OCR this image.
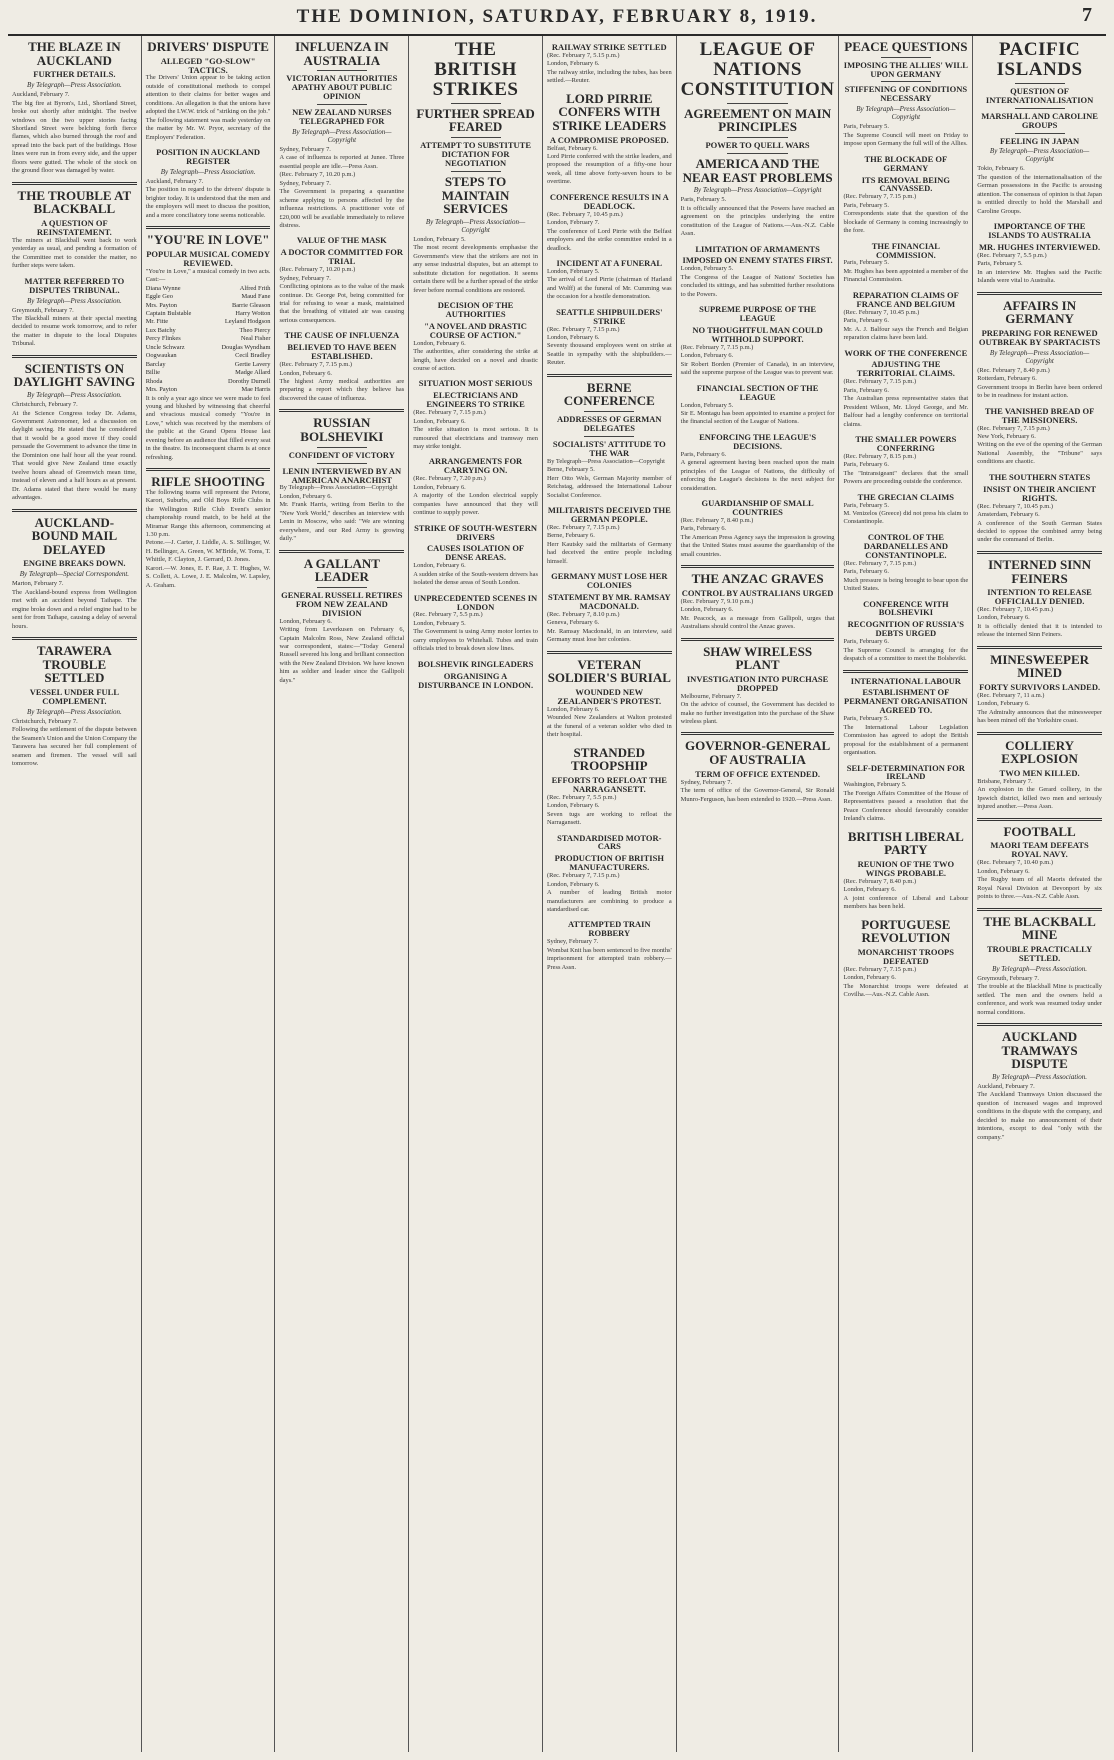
THE DOMINION, SATURDAY, FEBRUARY 8, 1919.	7
THE BLAZE IN AUCKLAND
FURTHER DETAILS.
By Telegraph—Press Association.
Auckland, February 7.
The big fire at Byron's, Ltd., Shortland Street, broke out shortly after midnight. The twelve windows on the two upper stories facing Shortland Street were belching forth fierce flames, which also burned through the roof and spread into the back part of the buildings. Hose lines were run in from every side, and the upper floors were gutted. The whole of the stock on the ground floor was damaged by water.
THE TROUBLE AT BLACKBALL
A QUESTION OF REINSTATEMENT.
The miners at Blackball went back to work yesterday as usual, and pending a formation of the Committee met to consider the matter, no further steps were taken.
MATTER REFERRED TO DISPUTES TRIBUNAL.
By Telegraph—Press Association.
Greymouth, February 7.
The Blackball miners at their special meeting decided to resume work tomorrow, and to refer the matter in dispute to the local Disputes Tribunal.
SCIENTISTS ON DAYLIGHT SAVING
By Telegraph—Press Association.
Christchurch, February 7.
At the Science Congress today Dr. Adams, Government Astronomer, led a discussion on daylight saving. He stated that he considered that it would be a good move if they could persuade the Government to advance the time in the Dominion one half hour all the year round. That would give New Zealand time exactly twelve hours ahead of Greenwich mean time, instead of eleven and a half hours as at present. Dr. Adams stated that there would be many advantages.
AUCKLAND-BOUND MAIL DELAYED
ENGINE BREAKS DOWN.
By Telegraph—Special Correspondent.
Marton, February 7.
The Auckland-bound express from Wellington met with an accident beyond Taihape. The engine broke down and a relief engine had to be sent for from Taihape, causing a delay of several hours.
TARAWERA TROUBLE SETTLED
VESSEL UNDER FULL COMPLEMENT.
By Telegraph—Press Association.
Christchurch, February 7.
Following the settlement of the dispute between the Seamen's Union and the Union Company the Tarawera has secured her full complement of seamen and firemen. The vessel will sail tomorrow.
DRIVERS' DISPUTE
ALLEGED "GO-SLOW" TACTICS.
The Drivers' Union appear to be taking action outside of constitutional methods to compel attention to their claims for better wages and conditions. An allegation is that the unions have adopted the I.W.W. trick of "striking on the job." The following statement was made yesterday on the matter by Mr. W. Pryor, secretary of the Employers' Federation.
POSITION IN AUCKLAND REGISTER
By Telegraph—Press Association.
Auckland, February 7.
The position in regard to the drivers' dispute is brighter today. It is understood that the men and the employers will meet to discuss the position, and a more conciliatory tone seems noticeable.
"YOU'RE IN LOVE"
POPULAR MUSICAL COMEDY REVIEWED.
"You're in Love," a musical comedy in two acts. Cast:—
Diana Wynne	Alfred Frith
Eggle Geo	Maud Fane
Mrs. Payton	Barrie Gleason
Captain Bulstable	Harry Wotton
Mr. Fitte	Leyland Hodgson
Lux Batchy	Theo Piercy
Percy Flinkes	Neal Fisher
Uncle Schwarz	Douglas Wyndham
Oogwaukan	Cecil Bradley
Barclay	Gertie Lavery
Billie	Madge Allard
Rhoda	Dorothy Durnell
Mrs. Payton	Mae Harris
It is only a year ago since we were made to feel young and blushed by witnessing that cheerful and vivacious musical comedy "You're in Love," which was received by the members of the public at the Grand Opera House last evening before an audience that filled every seat in the theatre. Its inconsequent charm is at once refreshing.
RIFLE SHOOTING
The following teams will represent the Petone, Karori, Suburbs, and Old Boys Rifle Clubs in the Wellington Rifle Club Event's senior championship round match, to be held at the Miramar Range this afternoon, commencing at 1.30 p.m.
Petone.—J. Carter, J. Liddle, A. S. Stillinger, W. H. Bellinger, A. Green, W. M'Bride, W. Toms, T. Whittle, F. Clayton, J. Gerrard, D. Jones.
Karori.—W. Jones, E. F. Rae, J. T. Hughes, W. S. Collett, A. Lowe, J. E. Malcolm, W. Lapsley, A. Graham.
INFLUENZA IN AUSTRALIA
VICTORIAN AUTHORITIES APATHY ABOUT PUBLIC OPINION
NEW ZEALAND NURSES TELEGRAPHED FOR
By Telegraph—Press Association—Copyright
Sydney, February 7.
A case of influenza is reported at Junee. Three essential people are idle.—Press Assn.
(Rec. February 7, 10.20 p.m.)
Sydney, February 7.
The Government is preparing a quarantine scheme applying to persons affected by the influenza restrictions. A practitioner vote of £20,000 will be available immediately to relieve distress.
VALUE OF THE MASK
A DOCTOR COMMITTED FOR TRIAL
(Rec. February 7, 10.20 p.m.)
Sydney, February 7.
Conflicting opinions as to the value of the mask continue. Dr. George Pot, being committed for trial for refusing to wear a mask, maintained that the breathing of vitiated air was causing serious consequences.
THE CAUSE OF INFLUENZA
BELIEVED TO HAVE BEEN ESTABLISHED.
(Rec. February 7, 7.15 p.m.)
London, February 6.
The highest Army medical authorities are preparing a report which they believe has discovered the cause of influenza.
RUSSIAN BOLSHEVIKI
CONFIDENT OF VICTORY
LENIN INTERVIEWED BY AN AMERICAN ANARCHIST
By Telegraph—Press Association—Copyright
London, February 6.
Mr. Frank Harris, writing from Berlin to the "New York World," describes an interview with Lenin in Moscow, who said: "We are winning everywhere, and our Red Army is growing daily."
A GALLANT LEADER
GENERAL RUSSELL RETIRES FROM NEW ZEALAND DIVISION
London, February 6.
Writing from Leverkusen on February 6, Captain Malcolm Ross, New Zealand official war correspondent, states:—"Today General Russell severed his long and brilliant connection with the New Zealand Division. We have known him as soldier and leader since the Gallipoli days."
THE BRITISH STRIKES
FURTHER SPREAD FEARED
ATTEMPT TO SUBSTITUTE DICTATION FOR NEGOTIATION
STEPS TO MAINTAIN SERVICES
By Telegraph—Press Association—Copyright
London, February 5.
The most recent developments emphasise the Government's view that the strikers are not in any sense industrial disputes, but an attempt to substitute dictation for negotiation. It seems certain there will be a further spread of the strike fever before normal conditions are restored.
DECISION OF THE AUTHORITIES
"A NOVEL AND DRASTIC COURSE OF ACTION."
London, February 6.
The authorities, after considering the strike at length, have decided on a novel and drastic course of action.
SITUATION MOST SERIOUS
ELECTRICIANS AND ENGINEERS TO STRIKE
(Rec. February 7, 7.15 p.m.)
London, February 6.
The strike situation is most serious. It is rumoured that electricians and tramway men may strike tonight.
ARRANGEMENTS FOR CARRYING ON.
(Rec. February 7, 7.20 p.m.)
London, February 6.
A majority of the London electrical supply companies have announced that they will continue to supply power.
STRIKE OF SOUTH-WESTERN DRIVERS
CAUSES ISOLATION OF DENSE AREAS.
London, February 6.
A sudden strike of the South-western drivers has isolated the dense areas of South London.
UNPRECEDENTED SCENES IN LONDON
(Rec. February 7, 5.5 p.m.)
London, February 5.
The Government is using Army motor lorries to carry employees to Whitehall. Tubes and train officials tried to break down slow lines.
BOLSHEVIK RINGLEADERS
ORGANISING A DISTURBANCE IN LONDON.
RAILWAY STRIKE SETTLED
(Rec. February 7, 5.15 p.m.)
London, February 6.
The railway strike, including the tubes, has been settled.—Reuter.
LORD PIRRIE CONFERS WITH STRIKE LEADERS
A COMPROMISE PROPOSED.
Belfast, February 6.
Lord Pirrie conferred with the strike leaders, and proposed the resumption of a fifty-one hour week, all time above forty-seven hours to be overtime.
CONFERENCE RESULTS IN A DEADLOCK.
(Rec. February 7, 10.45 p.m.)
London, February 7.
The conference of Lord Pirrie with the Belfast employers and the strike committee ended in a deadlock.
INCIDENT AT A FUNERAL
London, February 5.
The arrival of Lord Pirrie (chairman of Harland and Wolff) at the funeral of Mr. Cumming was the occasion for a hostile demonstration.
SEATTLE SHIPBUILDERS' STRIKE
(Rec. February 7, 7.15 p.m.)
London, February 6.
Seventy thousand employees went on strike at Seattle in sympathy with the shipbuilders.—Reuter.
BERNE CONFERENCE
ADDRESSES OF GERMAN DELEGATES
SOCIALISTS' ATTITUDE TO THE WAR
By Telegraph—Press Association—Copyright
Berne, February 5.
Herr Otto Wels, German Majority member of Reichstag, addressed the International Labour Socialist Conference.
MILITARISTS DECEIVED THE GERMAN PEOPLE.
(Rec. February 7, 7.15 p.m.)
Berne, February 6.
Herr Kautsky said the militarists of Germany had deceived the entire people including himself.
GERMANY MUST LOSE HER COLONIES
STATEMENT BY MR. RAMSAY MACDONALD.
(Rec. February 7, 8.10 p.m.)
Geneva, February 6.
Mr. Ramsay Macdonald, in an interview, said Germany must lose her colonies.
VETERAN SOLDIER'S BURIAL
WOUNDED NEW ZEALANDER'S PROTEST.
London, February 6.
Wounded New Zealanders at Walton protested at the funeral of a veteran soldier who died in their hospital.
STRANDED TROOPSHIP
EFFORTS TO REFLOAT THE NARRAGANSETT.
(Rec. February 7, 5.5 p.m.)
London, February 6.
Seven tugs are working to refloat the Narragansett.
STANDARDISED MOTOR-CARS
PRODUCTION OF BRITISH MANUFACTURERS.
(Rec. February 7, 7.15 p.m.)
London, February 6.
A number of leading British motor manufacturers are combining to produce a standardised car.
ATTEMPTED TRAIN ROBBERY
Sydney, February 7.
Wombat Knit has been sentenced to five months' imprisonment for attempted train robbery.—Press Assn.
LEAGUE OF NATIONS CONSTITUTION
AGREEMENT ON MAIN PRINCIPLES
POWER TO QUELL WARS
AMERICA AND THE NEAR EAST PROBLEMS
By Telegraph—Press Association—Copyright
Paris, February 5.
It is officially announced that the Powers have reached an agreement on the principles underlying the entire constitution of the League of Nations.—Aus.-N.Z. Cable Assn.
LIMITATION OF ARMAMENTS
IMPOSED ON ENEMY STATES FIRST.
London, February 5.
The Congress of the League of Nations' Societies has concluded its sittings, and has submitted further resolutions to the Powers.
SUPREME PURPOSE OF THE LEAGUE
NO THOUGHTFUL MAN COULD WITHHOLD SUPPORT.
(Rec. February 7, 7.15 p.m.)
London, February 6.
Sir Robert Borden (Premier of Canada), in an interview, said the supreme purpose of the League was to prevent war.
FINANCIAL SECTION OF THE LEAGUE
London, February 5.
Sir E. Montagu has been appointed to examine a project for the financial section of the League of Nations.
ENFORCING THE LEAGUE'S DECISIONS.
Paris, February 6.
A general agreement having been reached upon the main principles of the League of Nations, the difficulty of enforcing the League's decisions is the next subject for consideration.
GUARDIANSHIP OF SMALL COUNTRIES
(Rec. February 7, 8.40 p.m.)
Paris, February 6.
The American Press Agency says the impression is growing that the United States must assume the guardianship of the small countries.
THE ANZAC GRAVES
CONTROL BY AUSTRALIANS URGED
(Rec. February 7, 9.10 p.m.)
London, February 6.
Mr. Peacock, as a message from Gallipoli, urges that Australians should control the Anzac graves.
SHAW WIRELESS PLANT
INVESTIGATION INTO PURCHASE DROPPED
Melbourne, February 7.
On the advice of counsel, the Government has decided to make no further investigation into the purchase of the Shaw wireless plant.
GOVERNOR-GENERAL OF AUSTRALIA
TERM OF OFFICE EXTENDED.
Sydney, February 7.
The term of office of the Governor-General, Sir Ronald Munro-Ferguson, has been extended to 1920.—Press Assn.
PEACE QUESTIONS
IMPOSING THE ALLIES' WILL UPON GERMANY
STIFFENING OF CONDITIONS NECESSARY
By Telegraph—Press Association—Copyright
Paris, February 5.
The Supreme Council will meet on Friday to impose upon Germany the full will of the Allies.
THE BLOCKADE OF GERMANY
ITS REMOVAL BEING CANVASSED.
(Rec. February 7, 7.15 p.m.)
Paris, February 5.
Correspondents state that the question of the blockade of Germany is coming increasingly to the fore.
THE FINANCIAL COMMISSION.
Paris, February 5.
Mr. Hughes has been appointed a member of the Financial Commission.
REPARATION CLAIMS OF FRANCE AND BELGIUM
(Rec. February 7, 10.45 p.m.)
Paris, February 6.
Mr. A. J. Balfour says the French and Belgian reparation claims have been laid.
WORK OF THE CONFERENCE
ADJUSTING THE TERRITORIAL CLAIMS.
(Rec. February 7, 7.15 p.m.)
Paris, February 6.
The Australian press representative states that President Wilson, Mr. Lloyd George, and Mr. Balfour had a lengthy conference on territorial claims.
THE SMALLER POWERS CONFERRING
(Rec. February 7, 8.15 p.m.)
Paris, February 6.
The "Intransigeant" declares that the small Powers are proceeding outside the conference.
THE GRECIAN CLAIMS
Paris, February 5.
M. Venizelos (Greece) did not press his claim to Constantinople.
CONTROL OF THE DARDANELLES AND CONSTANTINOPLE.
(Rec. February 7, 7.15 p.m.)
Paris, February 6.
Much pressure is being brought to bear upon the United States.
CONFERENCE WITH BOLSHEVIKI
RECOGNITION OF RUSSIA'S DEBTS URGED
Paris, February 6.
The Supreme Council is arranging for the despatch of a committee to meet the Bolsheviki.
INTERNATIONAL LABOUR
ESTABLISHMENT OF PERMANENT ORGANISATION AGREED TO.
Paris, February 5.
The International Labour Legislation Commission has agreed to adopt the British proposal for the establishment of a permanent organisation.
SELF-DETERMINATION FOR IRELAND
Washington, February 5.
The Foreign Affairs Committee of the House of Representatives passed a resolution that the Peace Conference should favourably consider Ireland's claims.
BRITISH LIBERAL PARTY
REUNION OF THE TWO WINGS PROBABLE.
(Rec. February 7, 8.40 p.m.)
London, February 6.
A joint conference of Liberal and Labour members has been held.
PORTUGUESE REVOLUTION
MONARCHIST TROOPS DEFEATED
(Rec. February 7, 7.15 p.m.)
London, February 6.
The Monarchist troops were defeated at Covilha.—Aus.-N.Z. Cable Assn.
PACIFIC ISLANDS
QUESTION OF INTERNATIONALISATION
MARSHALL AND CAROLINE GROUPS
FEELING IN JAPAN
By Telegraph—Press Association—Copyright
Tokio, February 6.
The question of the internationalisation of the German possessions in the Pacific is arousing attention. The consensus of opinion is that Japan is entitled directly to hold the Marshall and Caroline Groups.
IMPORTANCE OF THE ISLANDS TO AUSTRALIA
MR. HUGHES INTERVIEWED.
(Rec. February 7, 5.5 p.m.)
Paris, February 5.
In an interview Mr. Hughes said the Pacific Islands were vital to Australia.
AFFAIRS IN GERMANY
PREPARING FOR RENEWED OUTBREAK BY SPARTACISTS
By Telegraph—Press Association—Copyright
(Rec. February 7, 8.40 p.m.)
Rotterdam, February 6.
Government troops in Berlin have been ordered to be in readiness for instant action.
THE VANISHED BREAD OF THE MISSIONERS.
(Rec. February 7, 7.15 p.m.)
New York, February 6.
Writing on the eve of the opening of the German National Assembly, the "Tribune" says conditions are chaotic.
THE SOUTHERN STATES
INSIST ON THEIR ANCIENT RIGHTS.
(Rec. February 7, 10.45 p.m.)
Amsterdam, February 6.
A conference of the South German States decided to oppose the combined army being under the command of Berlin.
INTERNED SINN FEINERS
INTENTION TO RELEASE OFFICIALLY DENIED.
(Rec. February 7, 10.45 p.m.)
London, February 6.
It is officially denied that it is intended to release the interned Sinn Feiners.
MINESWEEPER MINED
FORTY SURVIVORS LANDED.
(Rec. February 7, 11 a.m.)
London, February 6.
The Admiralty announces that the minesweeper has been mined off the Yorkshire coast.
COLLIERY EXPLOSION
TWO MEN KILLED.
Brisbane, February 7.
An explosion in the Gerard colliery, in the Ipswich district, killed two men and seriously injured another.—Press Assn.
FOOTBALL
MAORI TEAM DEFEATS ROYAL NAVY.
(Rec. February 7, 10.40 p.m.)
London, February 6.
The Rugby team of all Maoris defeated the Royal Naval Division at Devonport by six points to three.—Aus.-N.Z. Cable Assn.
THE BLACKBALL MINE
TROUBLE PRACTICALLY SETTLED.
By Telegraph—Press Association.
Greymouth, February 7.
The trouble at the Blackball Mine is practically settled. The men and the owners held a conference, and work was resumed today under normal conditions.
AUCKLAND TRAMWAYS DISPUTE
By Telegraph—Press Association.
Auckland, February 7.
The Auckland Tramways Union discussed the question of increased wages and improved conditions in the dispute with the company, and decided to make no announcement of their intentions, except to deal "only with the company."
